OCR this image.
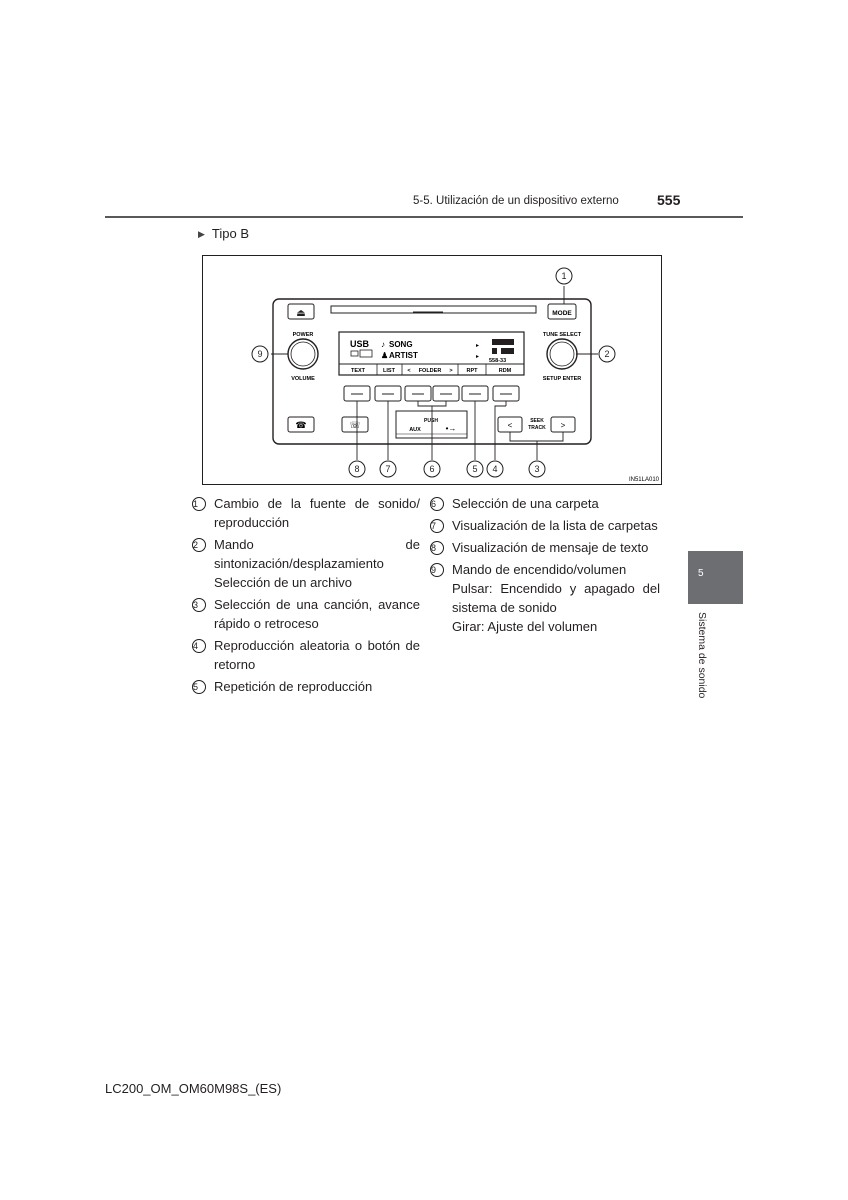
5-5. Utilización de un dispositivo externo	555
▶ Tipo B
⏏	MODE
POWER
VOLUME
TUNE SELECT
SETUP ENTER
USB ♪ SONG
♟ ARTIST
▸
▸
558-33
TEXT	LIST < FOLDER >	RPT	RDM
PUSH
AUX	•→
☎	☏	<	>
SEEK
TRACK
1
2
3
4
5
6
7
8
9
IN51LA010
1	Cambio de la fuente de sonido/ reproducción
2	Mando de sintonización/desplazamiento
Selección de un archivo
3	Selección de una canción, avance rápido o retroceso
4	Reproducción aleatoria o botón de retorno
5	Repetición de reproducción
6	Selección de una carpeta
7	Visualización de la lista de carpetas
8	Visualización de mensaje de texto
9	Mando de encendido/volumen
Pulsar: Encendido y apagado del sistema de sonido
Girar: Ajuste del volumen
5
Sistema de sonido
LC200_OM_OM60M98S_(ES)
